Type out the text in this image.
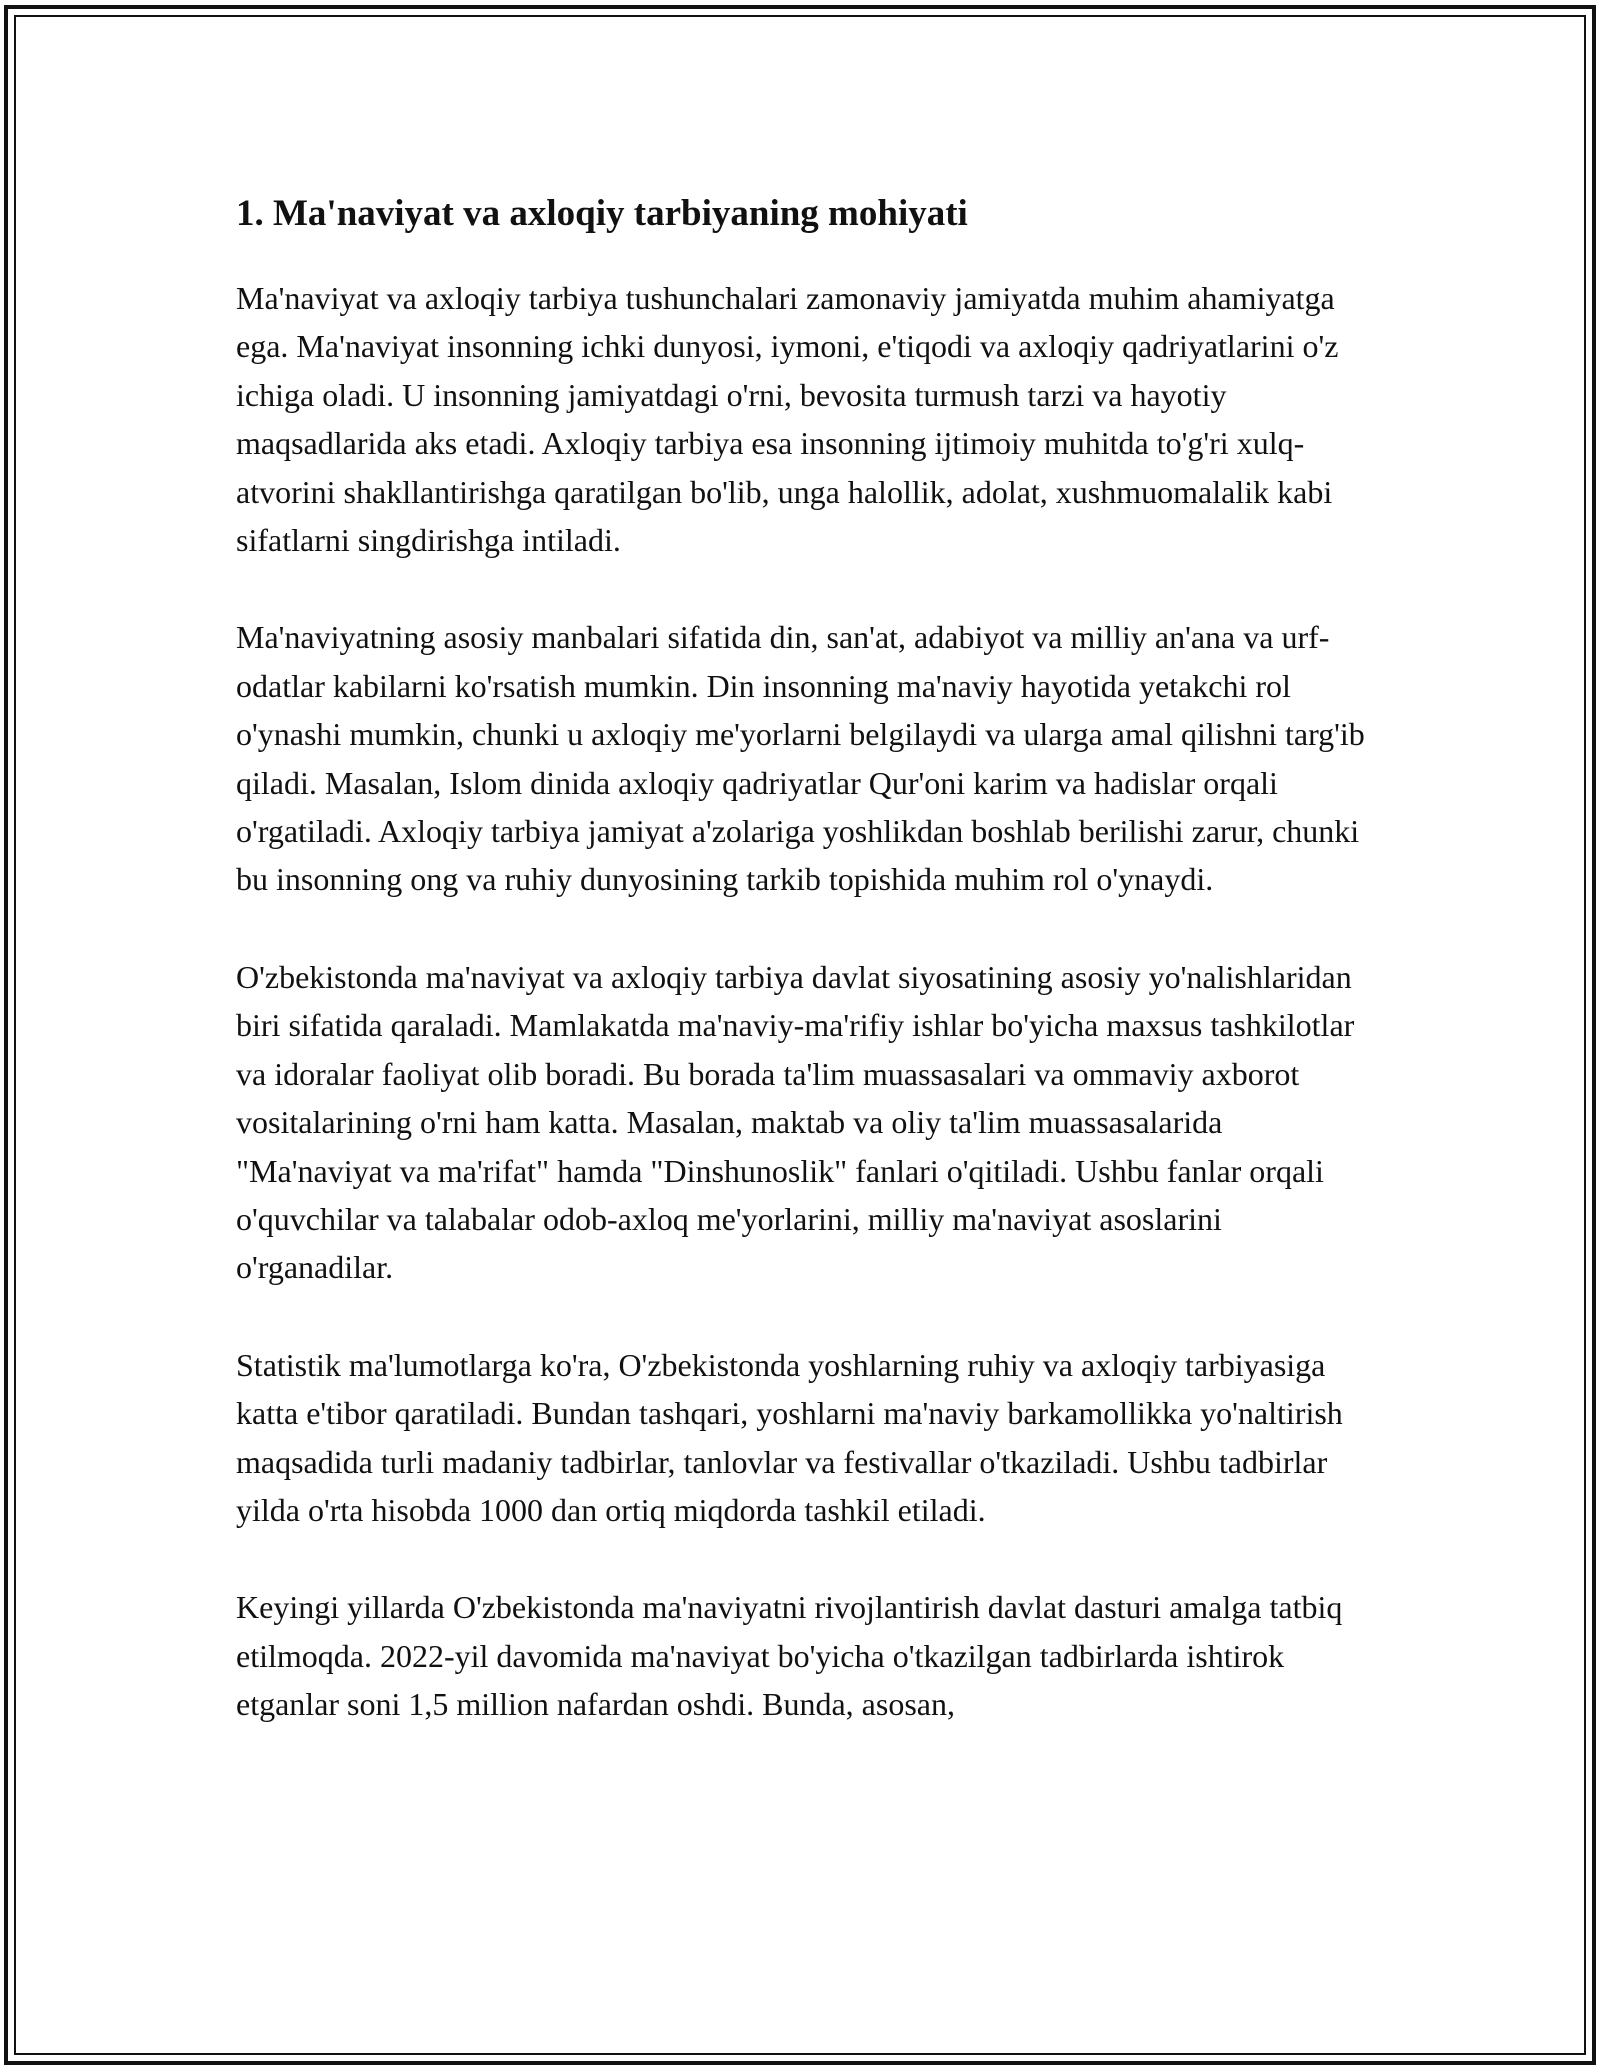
1. Ma'naviyat va axloqiy tarbiyaning mohiyati

Ma'naviyat va axloqiy tarbiya tushunchalari zamonaviy jamiyatda muhim ahamiyatga ega. Ma'naviyat insonning ichki dunyosi, iymoni, e'tiqodi va axloqiy qadriyatlarini o'z ichiga oladi. U insonning jamiyatdagi o'rni, bevosita turmush tarzi va hayotiy maqsadlarida aks etadi. Axloqiy tarbiya esa insonning ijtimoiy muhitda to'g'ri xulq-atvorini shakllantirishga qaratilgan bo'lib, unga halollik, adolat, xushmuomalalik kabi sifatlarni singdirishga intiladi.

Ma'naviyatning asosiy manbalari sifatida din, san'at, adabiyot va milliy an'ana va urf-odatlar kabilarni ko'rsatish mumkin. Din insonning ma'naviy hayotida yetakchi rol o'ynashi mumkin, chunki u axloqiy me'yorlarni belgilaydi va ularga amal qilishni targ'ib qiladi. Masalan, Islom dinida axloqiy qadriyatlar Qur'oni karim va hadislar orqali o'rgatiladi. Axloqiy tarbiya jamiyat a'zolariga yoshlikdan boshlab berilishi zarur, chunki bu insonning ong va ruhiy dunyosining tarkib topishida muhim rol o'ynaydi.

O'zbekistonda ma'naviyat va axloqiy tarbiya davlat siyosatining asosiy yo'nalishlaridan biri sifatida qaraladi. Mamlakatda ma'naviy-ma'rifiy ishlar bo'yicha maxsus tashkilotlar va idoralar faoliyat olib boradi. Bu borada ta'lim muassasalari va ommaviy axborot vositalarining o'rni ham katta. Masalan, maktab va oliy ta'lim muassasalarida "Ma'naviyat va ma'rifat" hamda "Dinshunoslik" fanlari o'qitiladi. Ushbu fanlar orqali o'quvchilar va talabalar odob-axloq me'yorlarini, milliy ma'naviyat asoslarini o'rganadilar.

Statistik ma'lumotlarga ko'ra, O'zbekistonda yoshlarning ruhiy va axloqiy tarbiyasiga katta e'tibor qaratiladi. Bundan tashqari, yoshlarni ma'naviy barkamollikka yo'naltirish maqsadida turli madaniy tadbirlar, tanlovlar va festivallar o'tkaziladi. Ushbu tadbirlar yilda o'rta hisobda 1000 dan ortiq miqdorda tashkil etiladi.

Keyingi yillarda O'zbekistonda ma'naviyatni rivojlantirish davlat dasturi amalga tatbiq etilmoqda. 2022-yil davomida ma'naviyat bo'yicha o'tkazilgan tadbirlarda ishtirok etganlar soni 1,5 million nafardan oshdi. Bunda, asosan,
